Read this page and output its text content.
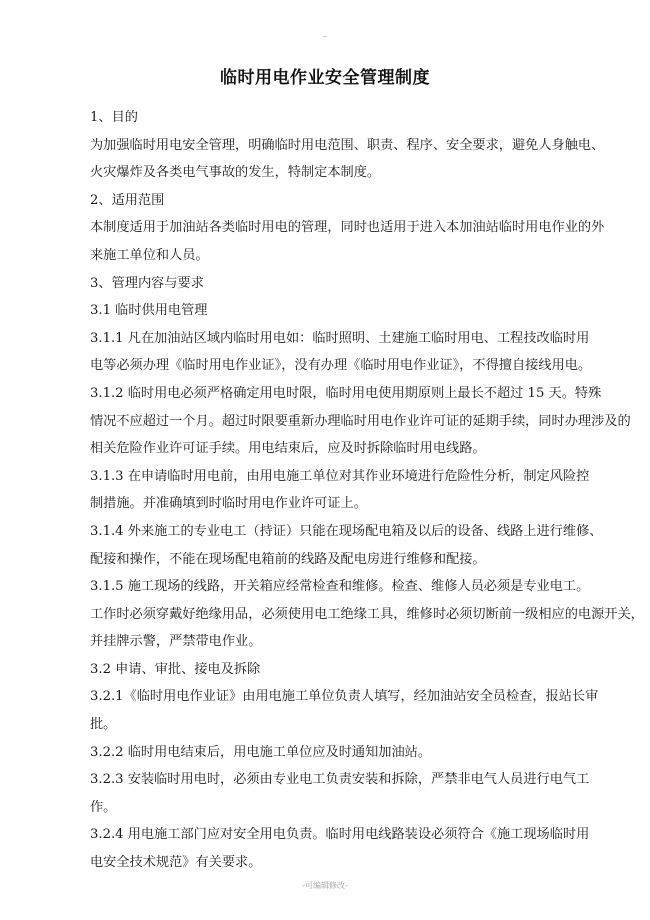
临时用电作业安全管理制度
1、目的
为加强临时用电安全管理，明确临时用电范围、职责、程序、安全要求，避免人身触电、
火灾爆炸及各类电气事故的发生，特制定本制度。
2、适用范围
本制度适用于加油站各类临时用电的管理，同时也适用于进入本加油站临时用电作业的外
来施工单位和人员。
3、管理内容与要求
3.1 临时供用电管理
3.1.1 凡在加油站区域内临时用电如：临时照明、土建施工临时用电、工程技改临时用
电等必须办理《临时用电作业证》，没有办理《临时用电作业证》，不得擅自接线用电。
3.1.2 临时用电必须严格确定用电时限，临时用电使用期原则上最长不超过 15 天。特殊
情况不应超过一个月。超过时限要重新办理临时用电作业许可证的延期手续，同时办理涉及的
相关危险作业许可证手续。用电结束后，应及时拆除临时用电线路。
3.1.3 在申请临时用电前，由用电施工单位对其作业环境进行危险性分析，制定风险控
制措施。并准确填到时临时用电作业许可证上。
3.1.4 外来施工的专业电工（持证）只能在现场配电箱及以后的设备、线路上进行维修、
配接和操作，不能在现场配电箱前的线路及配电房进行维修和配接。
3.1.5 施工现场的线路，开关箱应经常检查和维修。检查、维修人员必须是专业电工。
工作时必须穿戴好绝缘用品，必须使用电工绝缘工具，维修时必须切断前一级相应的电源开关，
并挂牌示警，严禁带电作业。
3.2 申请、审批、接电及拆除
3.2.1《临时用电作业证》由用电施工单位负责人填写，经加油站安全员检查，报站长审
批。
3.2.2 临时用电结束后，用电施工单位应及时通知加油站。
3.2.3 安装临时用电时，必须由专业电工负责安装和拆除，严禁非电气人员进行电气工
作。
3.2.4 用电施工部门应对安全用电负责。临时用电线路装设必须符合《施工现场临时用
电安全技术规范》有关要求。
-可编辑修改-
